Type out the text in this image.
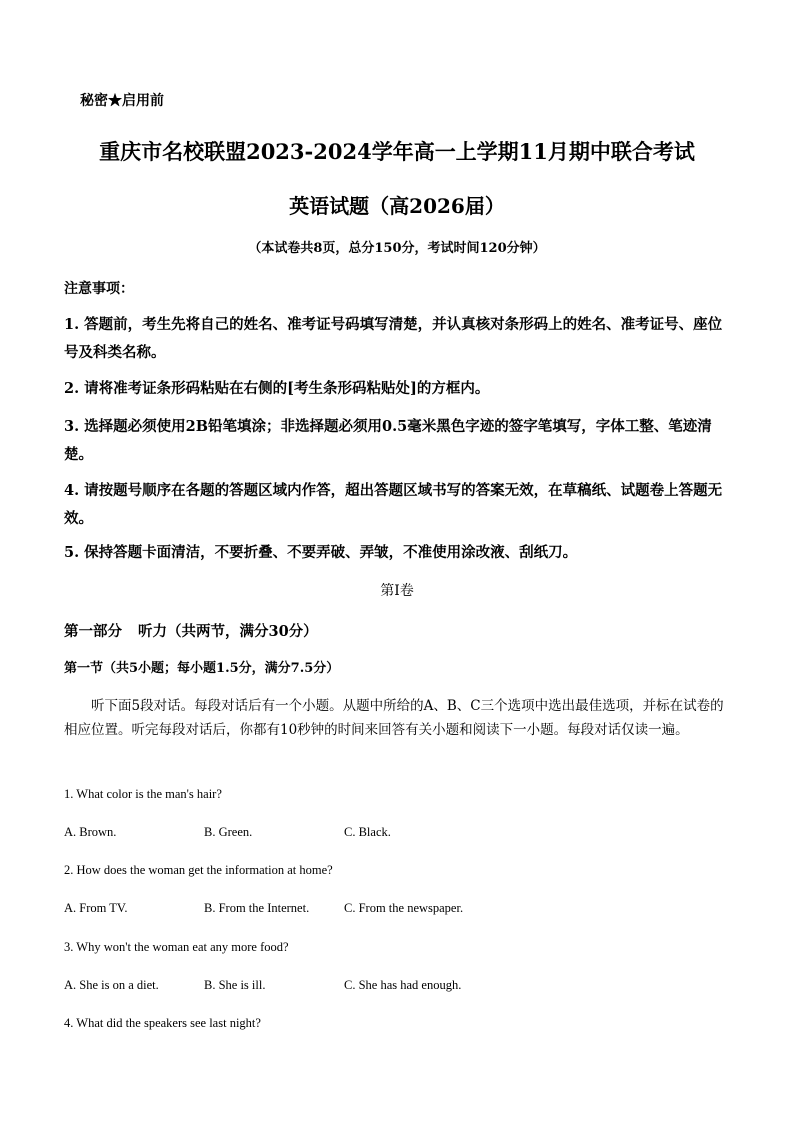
秘密★启用前
重庆市名校联盟2023-2024学年高一上学期11月期中联合考试
英语试题（高2026届）
（本试卷共8页，总分150分，考试时间120分钟）
注意事项：
1. 答题前，考生先将自己的姓名、准考证号码填写清楚，并认真核对条形码上的姓名、准考证号、座位号及科类名称。
2. 请将准考证条形码粘贴在右侧的[考生条形码粘贴处]的方框内。
3. 选择题必须使用2B铅笔填涂；非选择题必须用0.5毫米黑色字迹的签字笔填写，字体工整、笔迹清楚。
4. 请按题号顺序在各题的答题区域内作答，超出答题区域书写的答案无效，在草稿纸、试题卷上答题无效。
5. 保持答题卡面清洁，不要折叠、不要弄破、弄皱，不准使用涂改液、刮纸刀。
第Ⅰ卷
第一部分 听力（共两节，满分30分）
第一节（共5小题；每小题1.5分，满分7.5分）
听下面5段对话。每段对话后有一个小题。从题中所给的A、B、C三个选项中选出最佳选项，并标在试卷的相应位置。听完每段对话后，你都有10秒钟的时间来回答有关小题和阅读下一小题。每段对话仅读一遍。
1. What color is the man's hair?
A. Brown.	B. Green.	C. Black.
2. How does the woman get the information at home?
A. From TV.	B. From the Internet.	C. From the newspaper.
3. Why won't the woman eat any more food?
A. She is on a diet.	B. She is ill.	C. She has had enough.
4. What did the speakers see last night?
